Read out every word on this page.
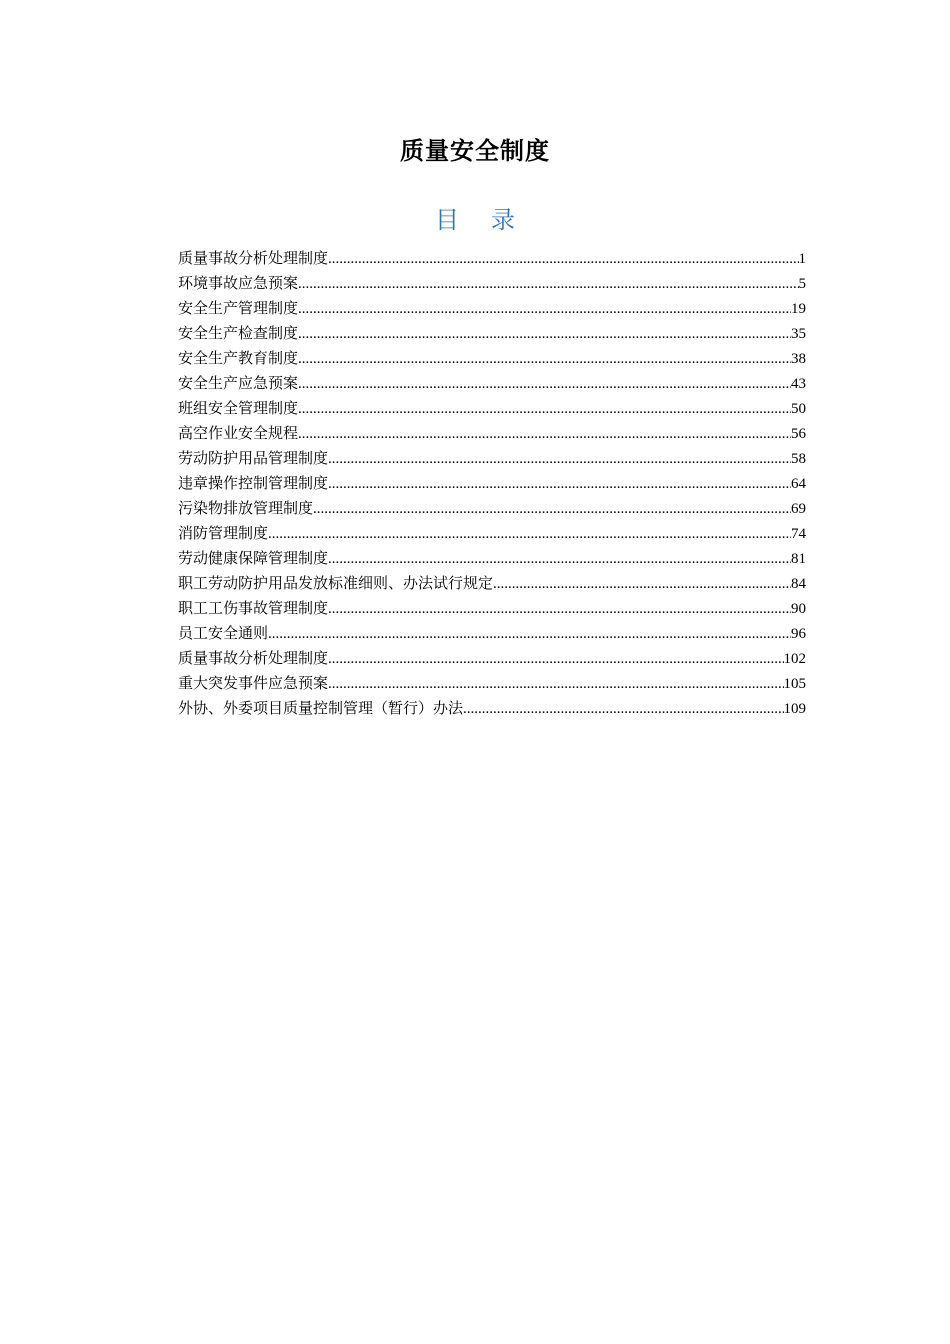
质量安全制度
目录
质量事故分析处理制度 .....	1
环境事故应急预案 .....	5
安全生产管理制度 .....	19
安全生产检查制度 .....	35
安全生产教育制度 .....	38
安全生产应急预案 .....	43
班组安全管理制度 .....	50
高空作业安全规程 .....	56
劳动防护用品管理制度 .....	58
违章操作控制管理制度 .....	64
污染物排放管理制度 .....	69
消防管理制度 .....	74
劳动健康保障管理制度 .....	81
职工劳动防护用品发放标准细则、办法试行规定 .....	84
职工工伤事故管理制度 .....	90
员工安全通则 .....	96
质量事故分析处理制度 .....	102
重大突发事件应急预案 .....	105
外协、外委项目质量控制管理（暂行）办法 .....	109
